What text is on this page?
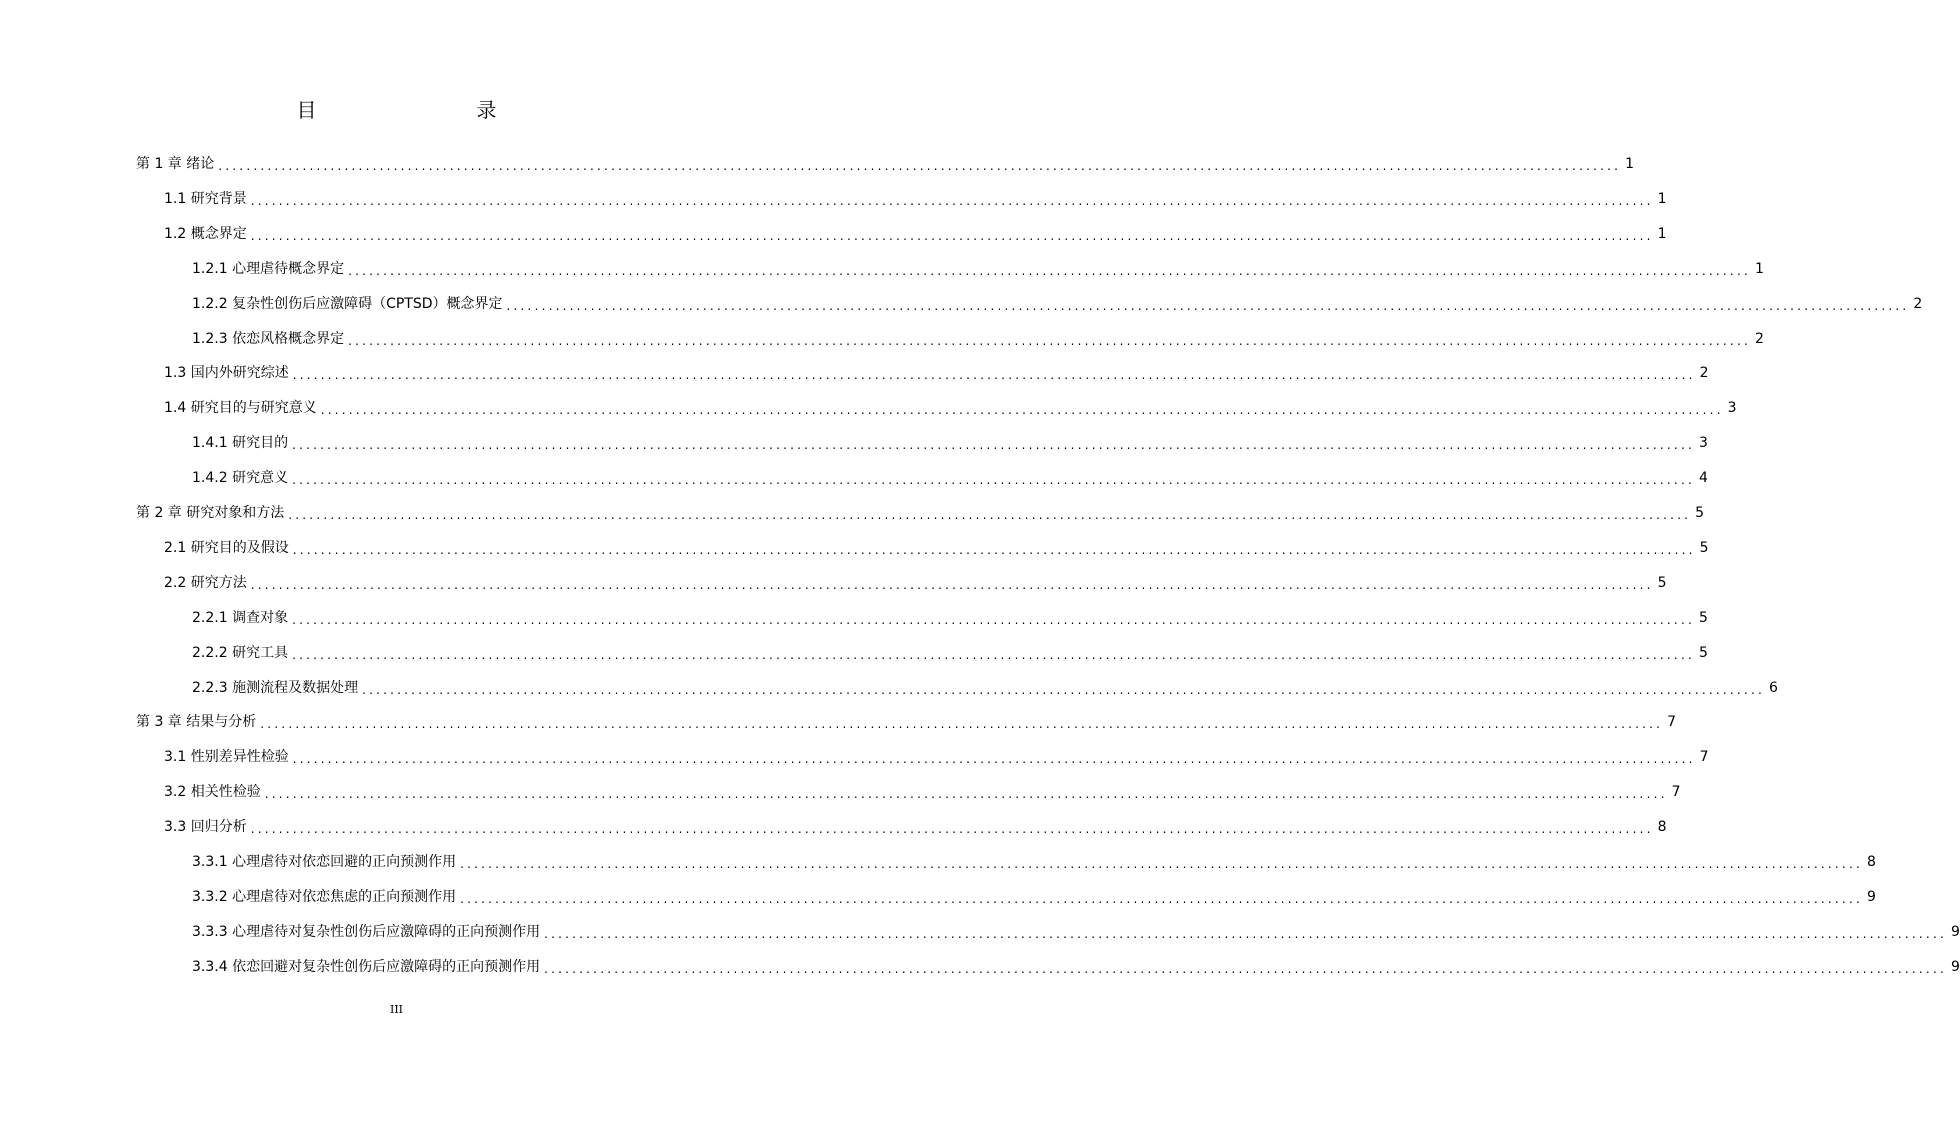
目　　录
第 1 章 绪论 ........................................................................................................................................................................................................ 1
1.1 研究背景 ........................................................................................................................................................................................................ 1
1.2 概念界定 ........................................................................................................................................................................................................ 1
1.2.1 心理虐待概念界定 ........................................................................................................................................................................................................ 1
1.2.2 复杂性创伤后应激障碍（CPTSD）概念界定 ........................................................................................................................................................................................................ 2
1.2.3 依恋风格概念界定 ........................................................................................................................................................................................................ 2
1.3 国内外研究综述 ........................................................................................................................................................................................................ 2
1.4 研究目的与研究意义 ........................................................................................................................................................................................................ 3
1.4.1 研究目的 ........................................................................................................................................................................................................ 3
1.4.2 研究意义 ........................................................................................................................................................................................................ 4
第 2 章 研究对象和方法 ........................................................................................................................................................................................................ 5
2.1 研究目的及假设 ........................................................................................................................................................................................................ 5
2.2 研究方法 ........................................................................................................................................................................................................ 5
2.2.1 调查对象 ........................................................................................................................................................................................................ 5
2.2.2 研究工具 ........................................................................................................................................................................................................ 5
2.2.3 施测流程及数据处理 ........................................................................................................................................................................................................ 6
第 3 章 结果与分析 ........................................................................................................................................................................................................ 7
3.1 性别差异性检验 ........................................................................................................................................................................................................ 7
3.2 相关性检验 ........................................................................................................................................................................................................ 7
3.3 回归分析 ........................................................................................................................................................................................................ 8
3.3.1 心理虐待对依恋回避的正向预测作用 ........................................................................................................................................................................................................ 8
3.3.2 心理虐待对依恋焦虑的正向预测作用 ........................................................................................................................................................................................................ 9
3.3.3 心理虐待对复杂性创伤后应激障碍的正向预测作用 ........................................................................................................................................................................................................ 9
3.3.4 依恋回避对复杂性创伤后应激障碍的正向预测作用 ........................................................................................................................................................................................................ 9
III
